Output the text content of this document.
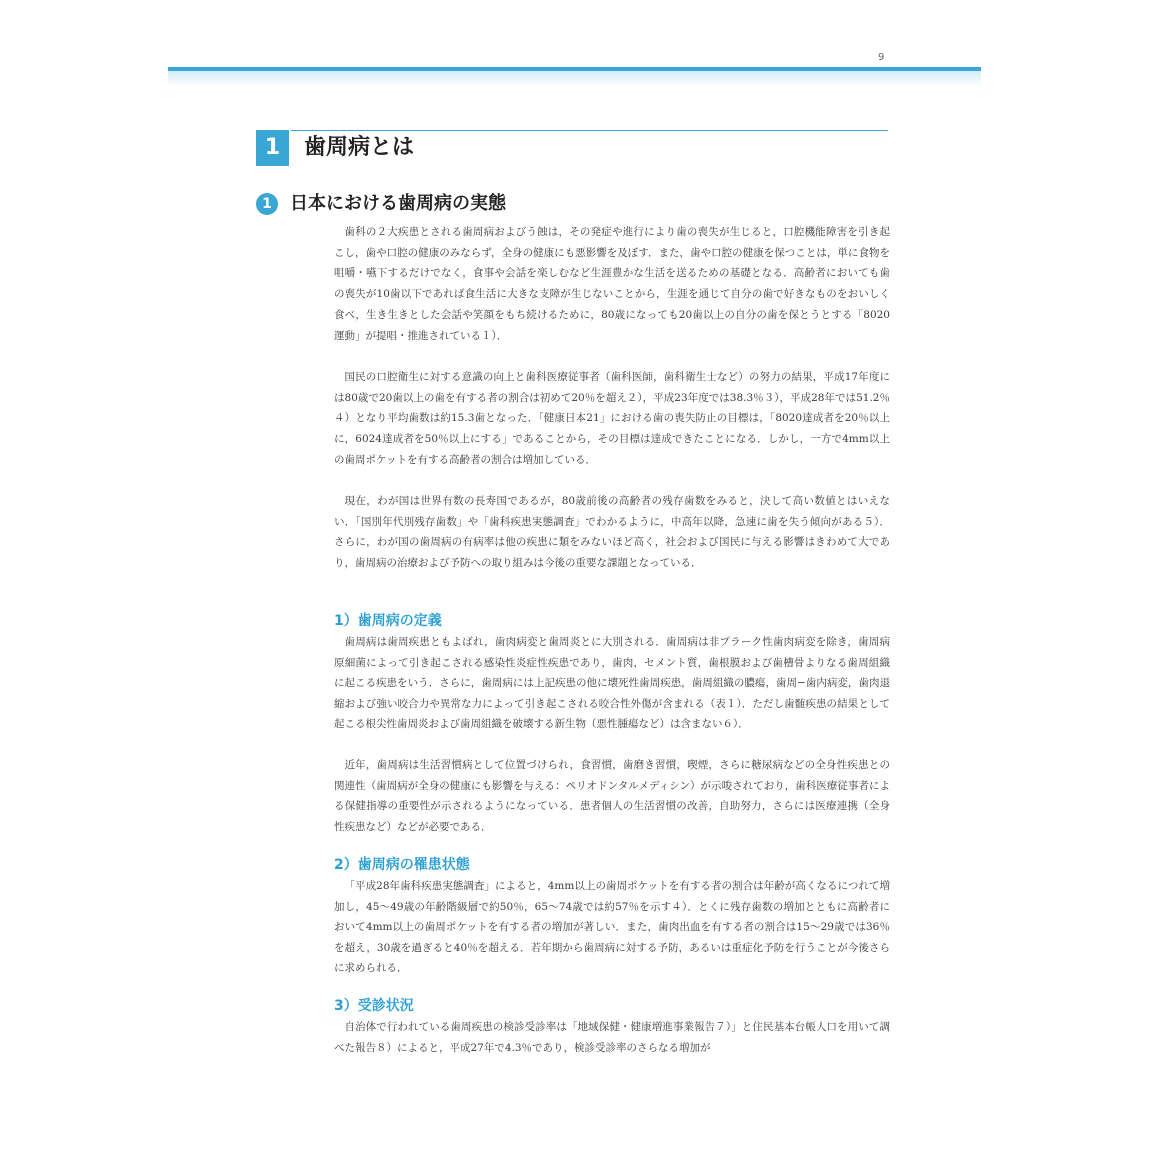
9
1	歯周病とは
1	日本における歯周病の実態

歯科の２大疾患とされる歯周病およびう蝕は，その発症や進行により歯の喪失が生じると，口腔機能障害を引き起こし，歯や口腔の健康のみならず，全身の健康にも悪影響を及ぼす．また，歯や口腔の健康を保つことは，単に食物を咀嚼・嚥下するだけでなく，食事や会話を楽しむなど生涯豊かな生活を送るための基礎となる．高齢者においても歯の喪失が10歯以下であれば食生活に大きな支障が生じないことから，生涯を通じて自分の歯で好きなものをおいしく食べ，生き生きとした会話や笑顔をもち続けるために，80歳になっても20歯以上の自分の歯を保とうとする「8020運動」が提唱・推進されている１）．

国民の口腔衛生に対する意識の向上と歯科医療従事者（歯科医師，歯科衛生士など）の努力の結果，平成17年度には80歳で20歯以上の歯を有する者の割合は初めて20％を超え２），平成23年度では38.3％３），平成28年では51.2％４）となり平均歯数は約15.3歯となった．「健康日本21」における歯の喪失防止の目標は，「8020達成者を20％以上に，6024達成者を50％以上にする」であることから，その目標は達成できたことになる．しかし，一方で4mm以上の歯周ポケットを有する高齢者の割合は増加している．

現在，わが国は世界有数の長寿国であるが，80歳前後の高齢者の残存歯数をみると，決して高い数値とはいえない．「国別年代別残存歯数」や「歯科疾患実態調査」でわかるように，中高年以降，急速に歯を失う傾向がある５）．さらに，わが国の歯周病の有病率は他の疾患に類をみないほど高く，社会および国民に与える影響はきわめて大であり，歯周病の治療および予防への取り組みは今後の重要な課題となっている．

1）歯周病の定義

歯周病は歯周疾患ともよばれ，歯肉病変と歯周炎とに大別される．歯周病は非プラーク性歯肉病変を除き，歯周病原細菌によって引き起こされる感染性炎症性疾患であり，歯肉，セメント質，歯根膜および歯槽骨よりなる歯周組織に起こる疾患をいう．さらに，歯周病には上記疾患の他に壊死性歯周疾患，歯周組織の膿瘍，歯周−歯内病変，歯肉退縮および強い咬合力や異常な力によって引き起こされる咬合性外傷が含まれる（表１）．ただし歯髄疾患の結果として起こる根尖性歯周炎および歯周組織を破壊する新生物（悪性腫瘍など）は含まない６）．

近年，歯周病は生活習慣病として位置づけられ，食習慣，歯磨き習慣，喫煙，さらに糖尿病などの全身性疾患との関連性（歯周病が全身の健康にも影響を与える：ペリオドンタルメディシン）が示唆されており，歯科医療従事者による保健指導の重要性が示されるようになっている．患者個人の生活習慣の改善，自助努力，さらには医療連携（全身性疾患など）などが必要である．

2）歯周病の罹患状態

「平成28年歯科疾患実態調査」によると，4mm以上の歯周ポケットを有する者の割合は年齢が高くなるにつれて増加し，45〜49歳の年齢階級層で約50％，65〜74歳では約57％を示す４）．とくに残存歯数の増加とともに高齢者において4mm以上の歯周ポケットを有する者の増加が著しい．また，歯肉出血を有する者の割合は15〜29歳では36％を超え，30歳を過ぎると40％を超える．若年期から歯周病に対する予防，あるいは重症化予防を行うことが今後さらに求められる．

3）受診状況

自治体で行われている歯周疾患の検診受診率は「地域保健・健康増進事業報告７）」と住民基本台帳人口を用いて調べた報告８）によると，平成27年で4.3％であり，検診受診率のさらなる増加が
